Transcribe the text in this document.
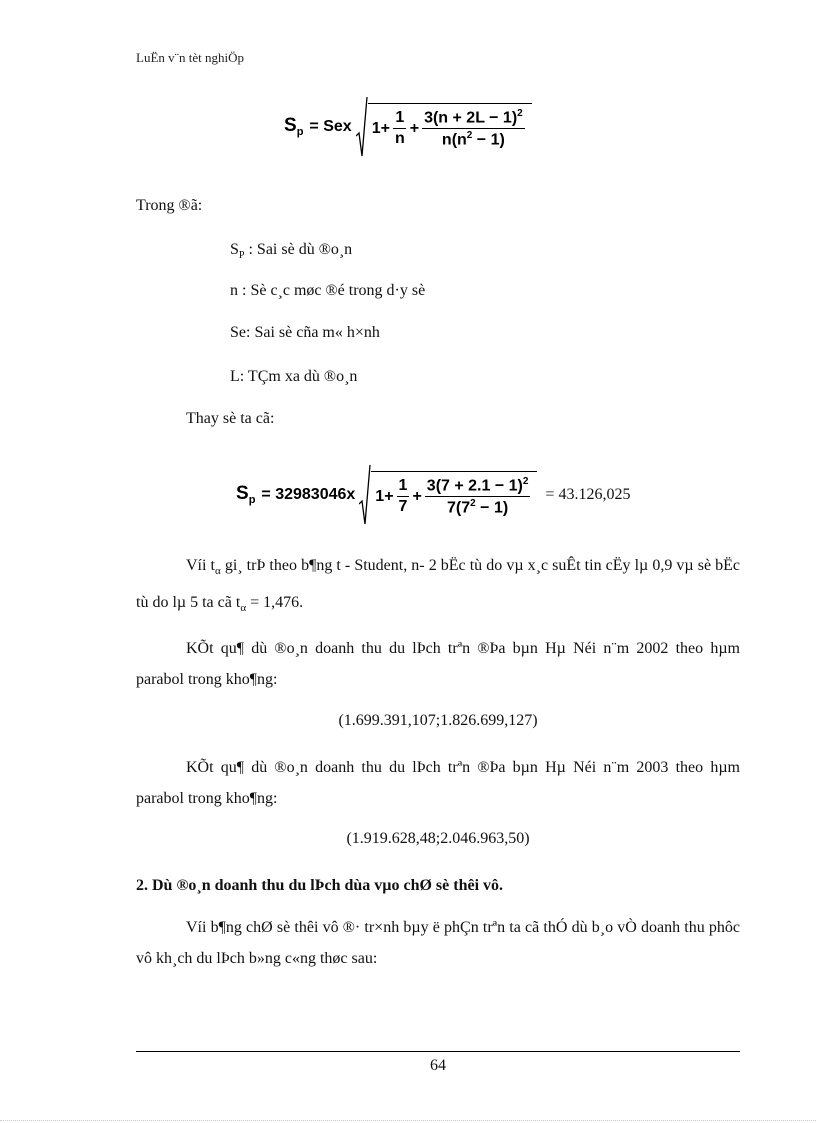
LuËn v¨n tèt nghiÖp
$S_p$ = Sex $1+ \frac{1}{n} + \frac{3(n + 2L - 1)^2}{n(n^2 - 1)}$
Trong ®ã:
$S_P$ : Sai sè dù ®o¸n
n : Sè c¸c møc ®é trong d·y sè
Se: Sai sè cña m« h×nh
L: TÇm xa dù ®o¸n
Thay sè ta cã:
$S_p = 32983046x$ $1+ \frac{1}{7} + \frac{3(7 + 2.1 - 1)^2}{7(7^2 - 1)} = 43.126,025$
Víi $t_\alpha$ gi¸ trÞ theo b¶ng t - Student, n- 2 bËc tù do vµ x¸c suÊt tin cËy lµ 0,9 vµ sè bËc tù do lµ 5 ta cã $t_\alpha = 1,476$.
KÕt qu¶ dù ®o¸n doanh thu du lÞch trªn ®Þa bµn Hµ Néi n¨m 2002 theo hµm parabol trong kho¶ng:
(1.699.391,107;1.826.699,127)
KÕt qu¶ dù ®o¸n doanh thu du lÞch trªn ®Þa bµn Hµ Néi n¨m 2003 theo hµm parabol trong kho¶ng:
(1.919.628,48;2.046.963,50)
2. Dù ®o¸n doanh thu du lÞch dùa vµo chØ sè thêi vô.
Víi b¶ng chØ sè thêi vô ®· tr×nh bµy ë phÇn trªn ta cã thÓ dù b¸o vÒ doanh thu phôc vô kh¸ch du lÞch b»ng c«ng thøc sau:
64
